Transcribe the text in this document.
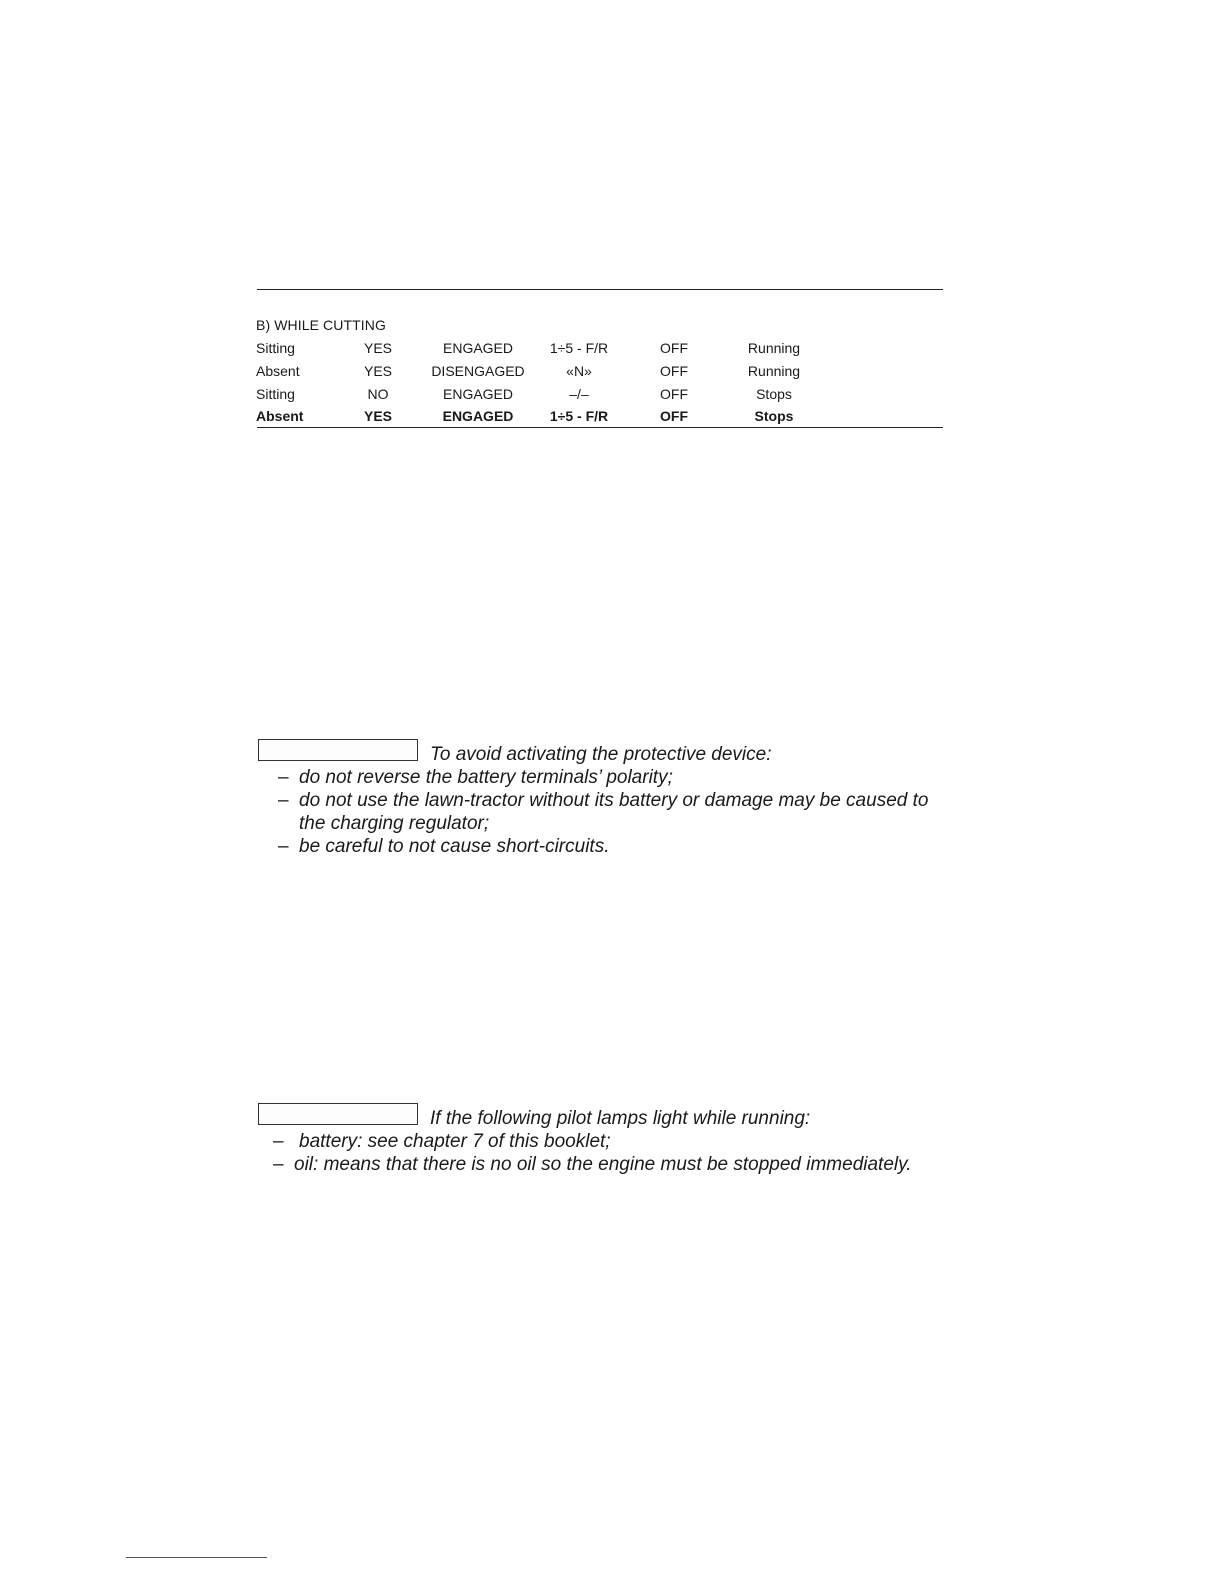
B) WHILE CUTTING
Sitting	YES	ENGAGED	1÷5 - F/R	OFF	Running
Absent	YES	DISENGAGED	«N»	OFF	Running
Sitting	NO	ENGAGED	–/–	OFF	Stops
Absent	YES	ENGAGED	1÷5 - F/R	OFF	Stops
To avoid activating the protective device:
– do not reverse the battery terminals’ polarity;
– do not use the lawn-tractor without its battery or damage may be caused to
the charging regulator;
– be careful to not cause short-circuits.
If the following pilot lamps light while running:
– battery: see chapter 7 of this booklet;
– oil: means that there is no oil so the engine must be stopped immediately.
